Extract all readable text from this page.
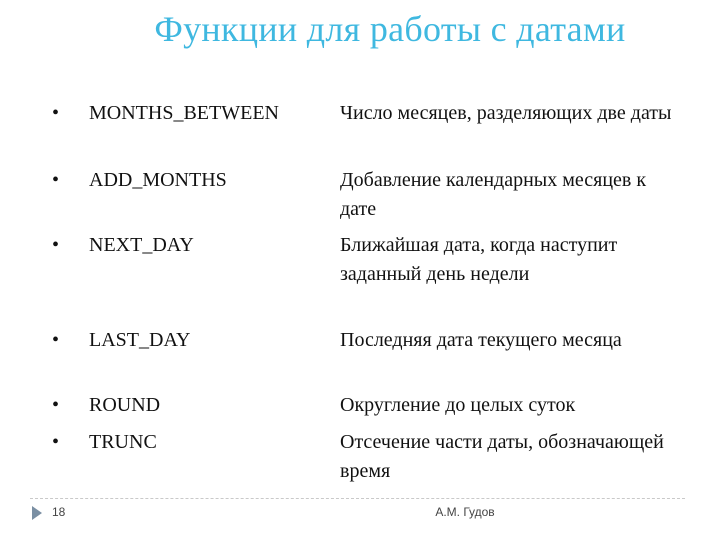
Функции для работы с датами
• MONTHS_BETWEEN	Число месяцев, разделяющих две даты
• ADD_MONTHS	Добавление календарных месяцев к дате
• NEXT_DAY	Ближайшая дата, когда наступит заданный день недели
• LAST_DAY	Последняя дата текущего месяца
• ROUND	Округление до целых суток
• TRUNC	Отсечение части даты, обозначающей время
18	А.М. Гудов
